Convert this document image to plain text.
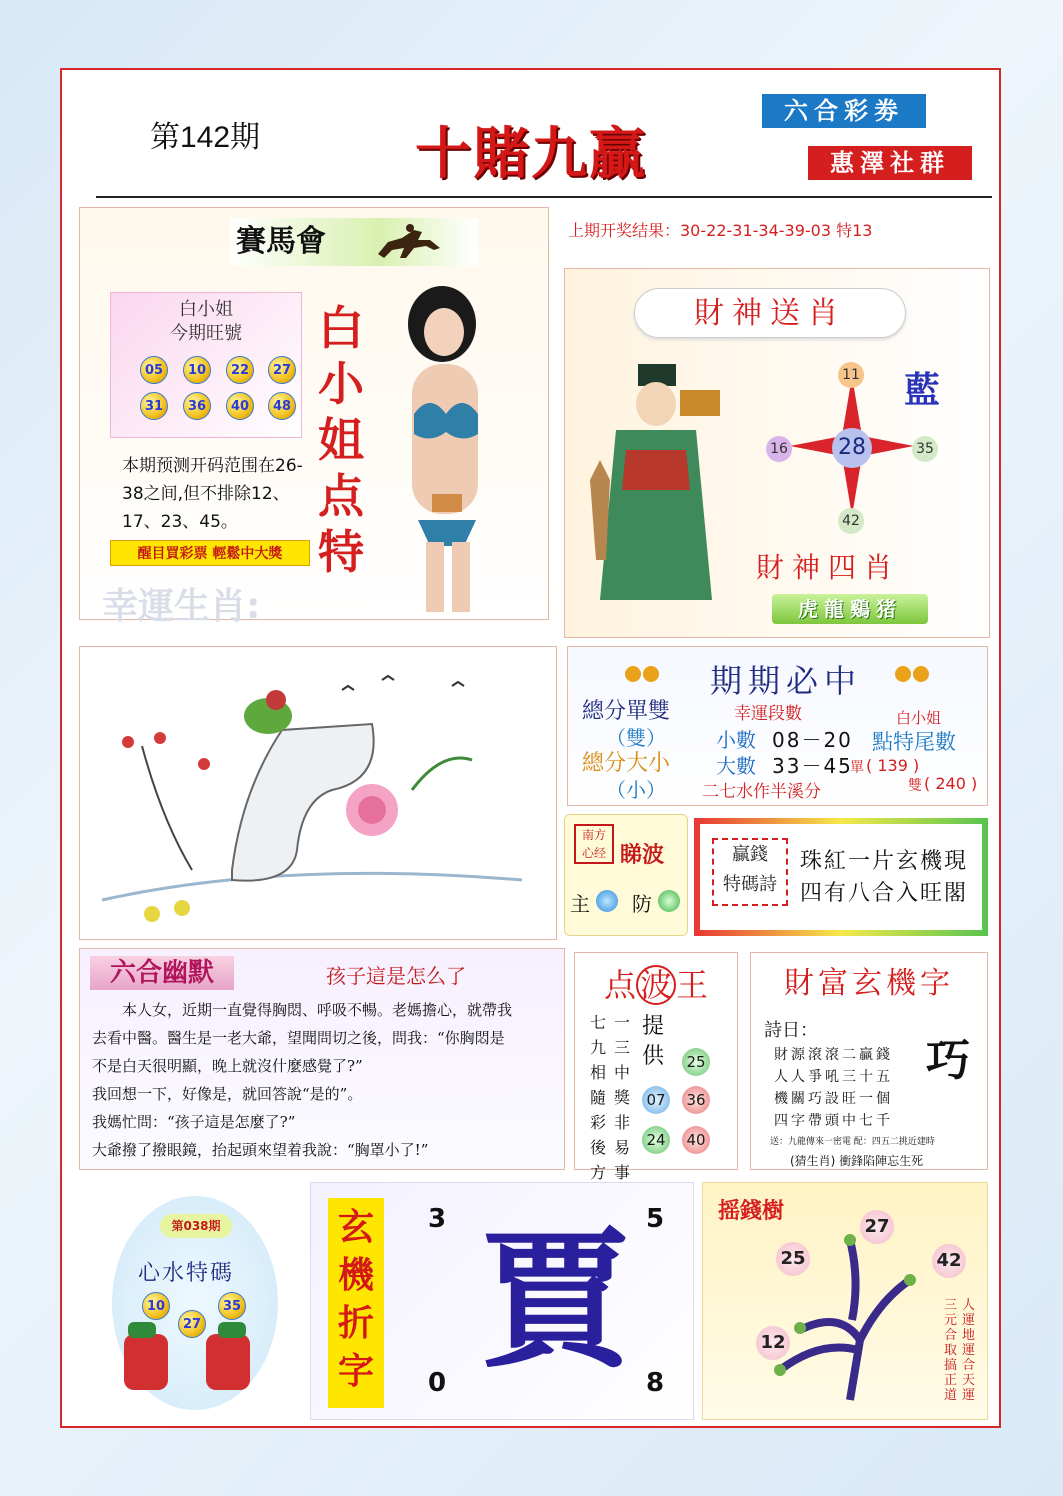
第142期	十賭九贏
六合彩劵
惠澤社群
賽馬會
白小姐
今期旺號
05	10	22	27
31	36	40	48
本期预测开码范围在26-38之间,但不排除12、17、23、45。
醒目買彩票 輕鬆中大獎
白小姐点特
幸運生肖:
上期开奖结果：30-22-31-34-39-03 特13
財神送肖
藍
28
11
16	35
42
財神四肖
虎龍鷄猪
期期必中
總分單雙
（雙）
總分大小
（小）
幸運段數
小數 08－20
大數 33－45
二七水作半溪分
白小姐
點特尾數
單 ( 139 )
雙 ( 240 )
南方
心经 睇波
主 防
贏錢
特碼詩
珠紅一片玄機現
四有八合入旺閣
六合幽默	孩子這是怎么了
本人女，近期一直覺得胸悶、呼吸不暢。老媽擔心，就帶我
去看中醫。醫生是一老大爺，望聞問切之後，問我：“你胸悶是
不是白天很明顯，晚上就沒什麼感覺了?”
我回想一下，好像是，就回答說“是的”。
我媽忙問：“孩子這是怎麼了?”
大爺撥了撥眼鏡，抬起頭來望着我說：“胸罩小了!”
点 波 王
一三中獎非易事
七九相隨彩後方
提供	25
07 36
24 40
財富玄機字
詩日：
巧
財源滾滾二贏錢
人人爭吼三十五
機關巧設旺一個
四字帶頭中七千
送：九龍傳來一密電 配：四五二挑近建時
(猜生肖) 衝鋒陷陣忘生死
第038期
心水特碼
10
27
35
玄機折字
3	5
0	8
賈
摇錢樹
27
25	42
12
人運地運合天運
三元合取搞正道
